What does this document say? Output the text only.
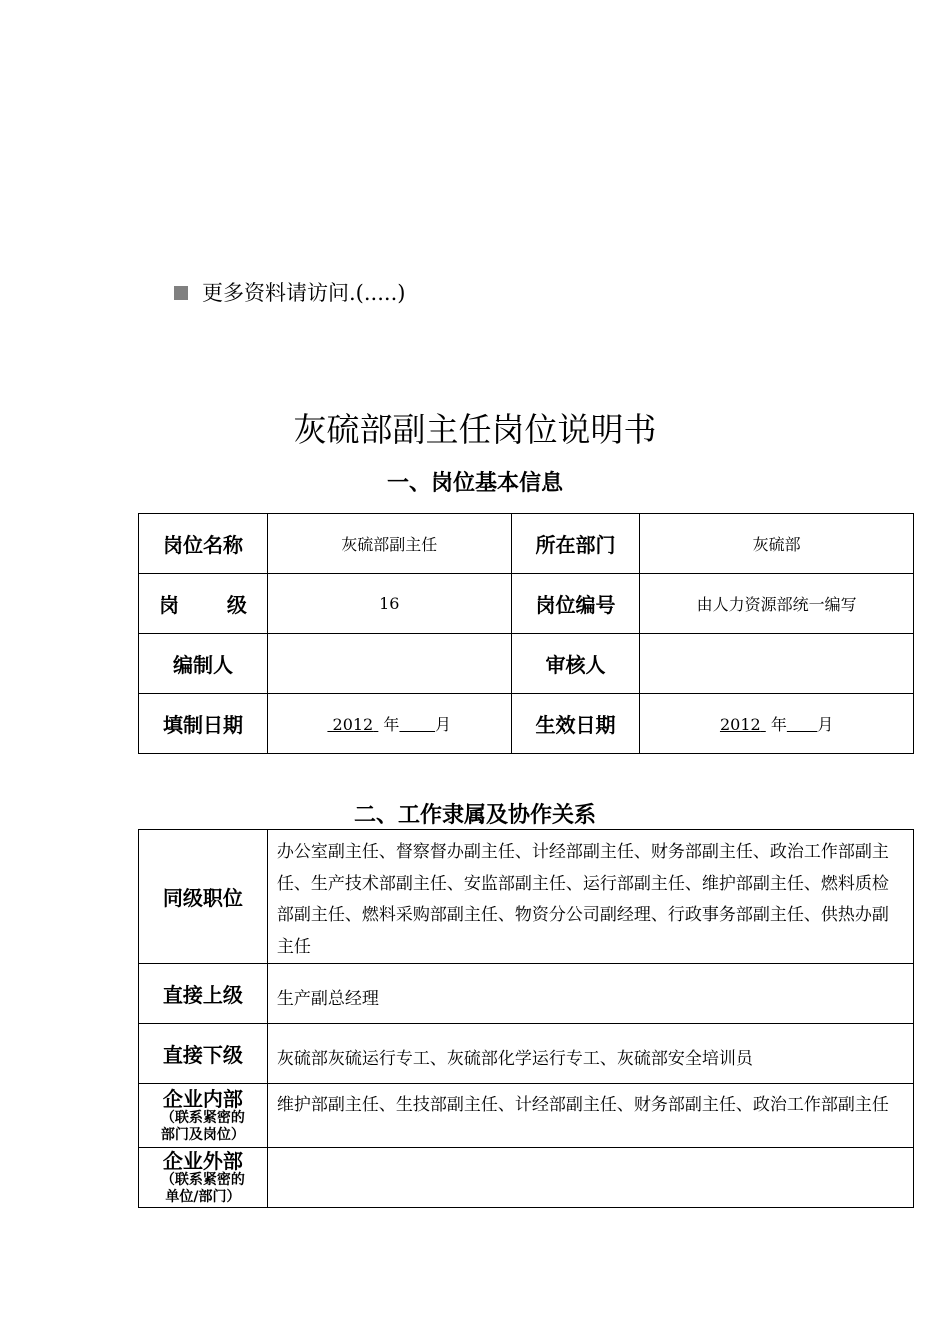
更多资料请访问.(.....)
灰硫部副主任岗位说明书
一、岗位基本信息
岗位名称	灰硫部副主任	所在部门	灰硫部

岗 级	16	岗位编号	由人力资源部统一编写
编制人		审核人	
填制日期	2012 年 月	生效日期	2012 年 月
二、工作隶属及协作关系
同级职位	办公室副主任、督察督办副主任、计经部副主任、财务部副主任、政治工作部副主任、生产技术部副主任、安监部副主任、运行部副主任、维护部副主任、燃料质检部副主任、燃料采购部副主任、物资分公司副经理、行政事务部副主任、供热办副主任
直接上级	生产副总经理
直接下级	灰硫部灰硫运行专工、灰硫部化学运行专工、灰硫部安全培训员

企业内部
（联系紧密的
部门及岗位）	维护部副主任、生技部副主任、计经部副主任、财务部副主任、政治工作部副主任

企业外部
（联系紧密的
单位/部门）	
